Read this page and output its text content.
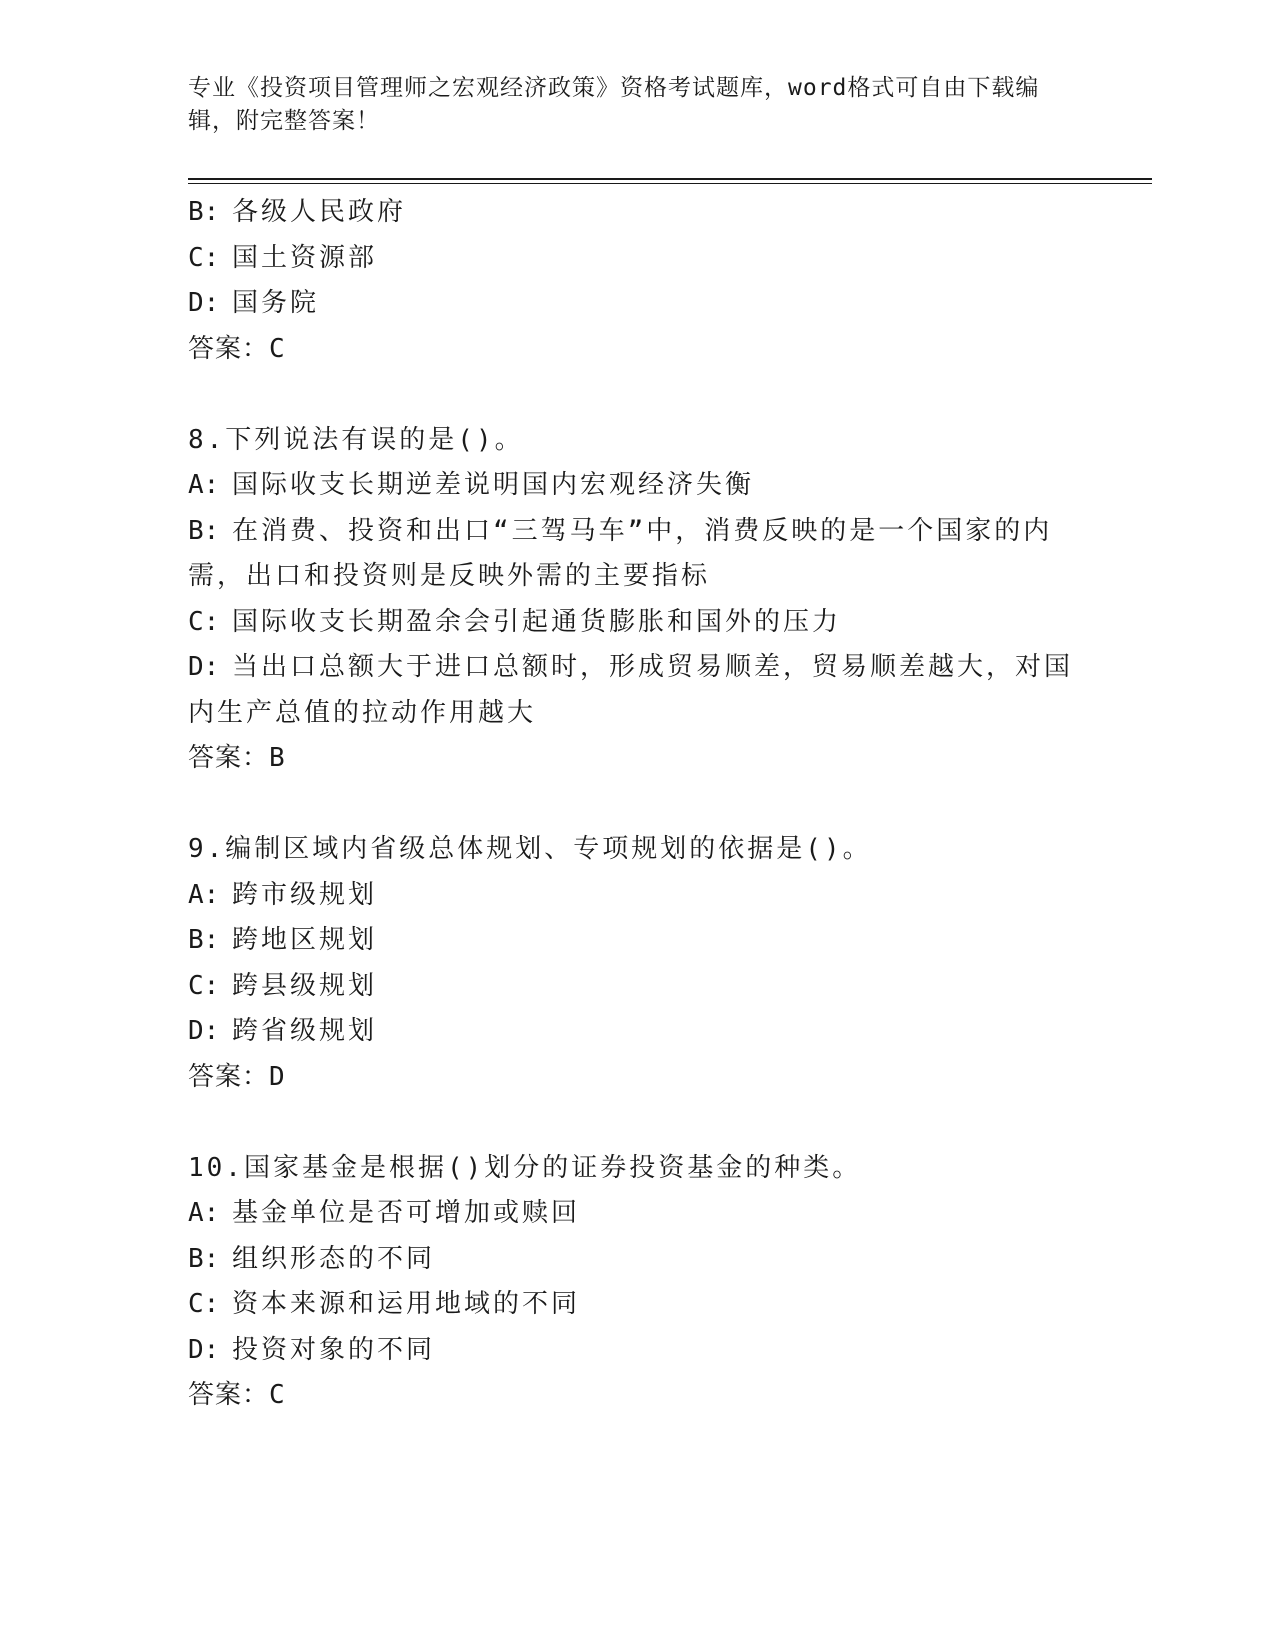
专业《投资项目管理师之宏观经济政策》资格考试题库，word格式可自由下载编辑，附完整答案！
B: 各级人民政府
C: 国土资源部
D: 国务院
答案：C
8.下列说法有误的是()。
A: 国际收支长期逆差说明国内宏观经济失衡
B: 在消费、投资和出口“三驾马车”中，消费反映的是一个国家的内需，出口和投资则是反映外需的主要指标
C: 国际收支长期盈余会引起通货膨胀和国外的压力
D: 当出口总额大于进口总额时，形成贸易顺差，贸易顺差越大，对国内生产总值的拉动作用越大
答案：B
9.编制区域内省级总体规划、专项规划的依据是()。
A: 跨市级规划
B: 跨地区规划
C: 跨县级规划
D: 跨省级规划
答案：D
10.国家基金是根据()划分的证券投资基金的种类。
A: 基金单位是否可增加或赎回
B: 组织形态的不同
C: 资本来源和运用地域的不同
D: 投资对象的不同
答案：C
